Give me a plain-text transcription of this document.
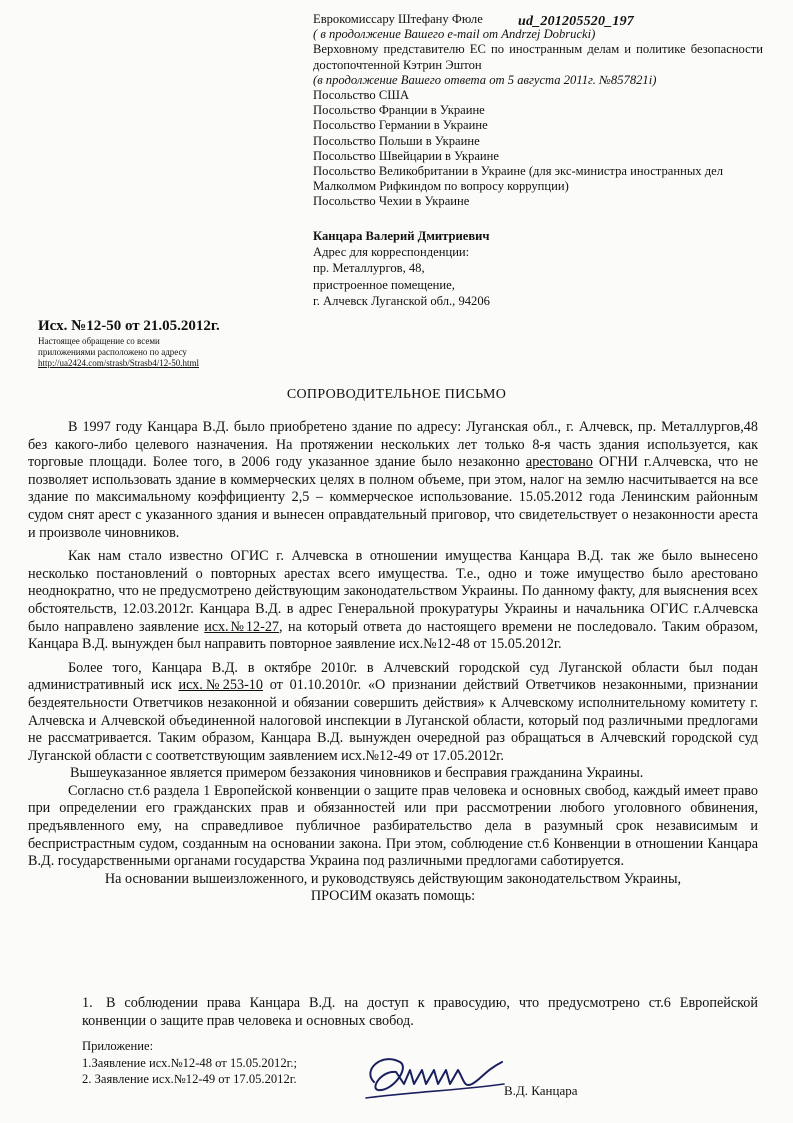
Еврокомиссару Штефану Фюле
( в продолжение Вашего e-mail от Andrzej Dobrucki)
Верховному представителю ЕС по иностранным делам и политике безопасности достопочтенной Кэтрин Эштон
(в продолжение Вашего ответа от 5 августа 2011г. №857821i)
Посольство США
Посольство Франции в Украине
Посольство Германии в Украине
Посольство Польши в Украине
Посольство Швейцарии в Украине
Посольство Великобритании в Украине (для экс-министра иностранных дел
Малколмом Рифкиндом по вопросу коррупции)
Посольство Чехии в Украине
ud_201205520_197
Канцара Валерий Дмитриевич
Адрес для корреспонденции:
пр. Металлургов, 48,
пристроенное помещение,
г. Алчевск Луганской обл., 94206
Исх. №12-50 от 21.05.2012г.
Настоящее обращение со всеми
приложениями расположено по адресу
http://ua2424.com/strasb/Strasb4/12-50.html
СОПРОВОДИТЕЛЬНОЕ ПИСЬМО

В 1997 году Канцара В.Д. было приобретено здание по адресу: Луганская обл., г. Алчевск, пр. Металлургов,48 без какого-либо целевого назначения. На протяжении нескольких лет только 8-я часть здания используется, как торговые площади. Более того, в 2006 году указанное здание было незаконно арестовано ОГНИ г.Алчевска, что не позволяет использовать здание в коммерческих целях в полном объеме, при этом, налог на землю насчитывается на все здание по максимальному коэффициенту 2,5 – коммерческое использование. 15.05.2012 года Ленинским районным судом снят арест с указанного здания и вынесен оправдательный приговор, что свидетельствует о незаконности ареста и произволе чиновников.

Как нам стало известно ОГИС г. Алчевска в отношении имущества Канцара В.Д. так же было вынесено несколько постановлений о повторных арестах всего имущества. Т.е., одно и тоже имущество было арестовано неоднократно, что не предусмотрено действующим законодательством Украины. По данному факту, для выяснения всех обстоятельств, 12.03.2012г. Канцара В.Д. в адрес Генеральной прокуратуры Украины и начальника ОГИС г.Алчевска было направлено заявление исх.№12-27, на который ответа до настоящего времени не последовало. Таким образом, Канцара В.Д. вынужден был направить повторное заявление исх.№12-48 от 15.05.2012г.

Более того, Канцара В.Д. в октябре 2010г. в Алчевский городской суд Луганской области был подан административный иск исх.№253-10 от 01.10.2010г. «О признании действий Ответчиков незаконными, признании бездеятельности Ответчиков незаконной и обязании совершить действия» к Алчевскому исполнительному комитету г. Алчевска и Алчевской объединенной налоговой инспекции в Луганской области, который под различными предлогами не рассматривается. Таким образом, Канцара В.Д. вынужден очередной раз обращаться в Алчевский городской суд Луганской области с соответствующим заявлением исх.№12-49 от 17.05.2012г.

Вышеуказанное является примером беззакония чиновников и бесправия гражданина Украины.

Согласно ст.6 раздела 1 Европейской конвенции о защите прав человека и основных свобод, каждый имеет право при определении его гражданских прав и обязанностей или при рассмотрении любого уголовного обвинения, предъявленного ему, на справедливое публичное разбирательство дела в разумный срок независимым и беспристрастным судом, созданным на основании закона. При этом, соблюдение ст.6 Конвенции в отношении Канцара В.Д. государственными органами государства Украина под различными предлогами саботируется.

На основании вышеизложенного, и руководствуясь действующим законодательством Украины,
ПРОСИМ оказать помощь:
1. В соблюдении права Канцара В.Д. на доступ к правосудию, что предусмотрено ст.6 Европейской конвенции о защите прав человека и основных свобод.
Приложение:
1.Заявление исх.№12-48 от 15.05.2012г.;
2. Заявление исх.№12-49 от 17.05.2012г.
В.Д. Канцара
